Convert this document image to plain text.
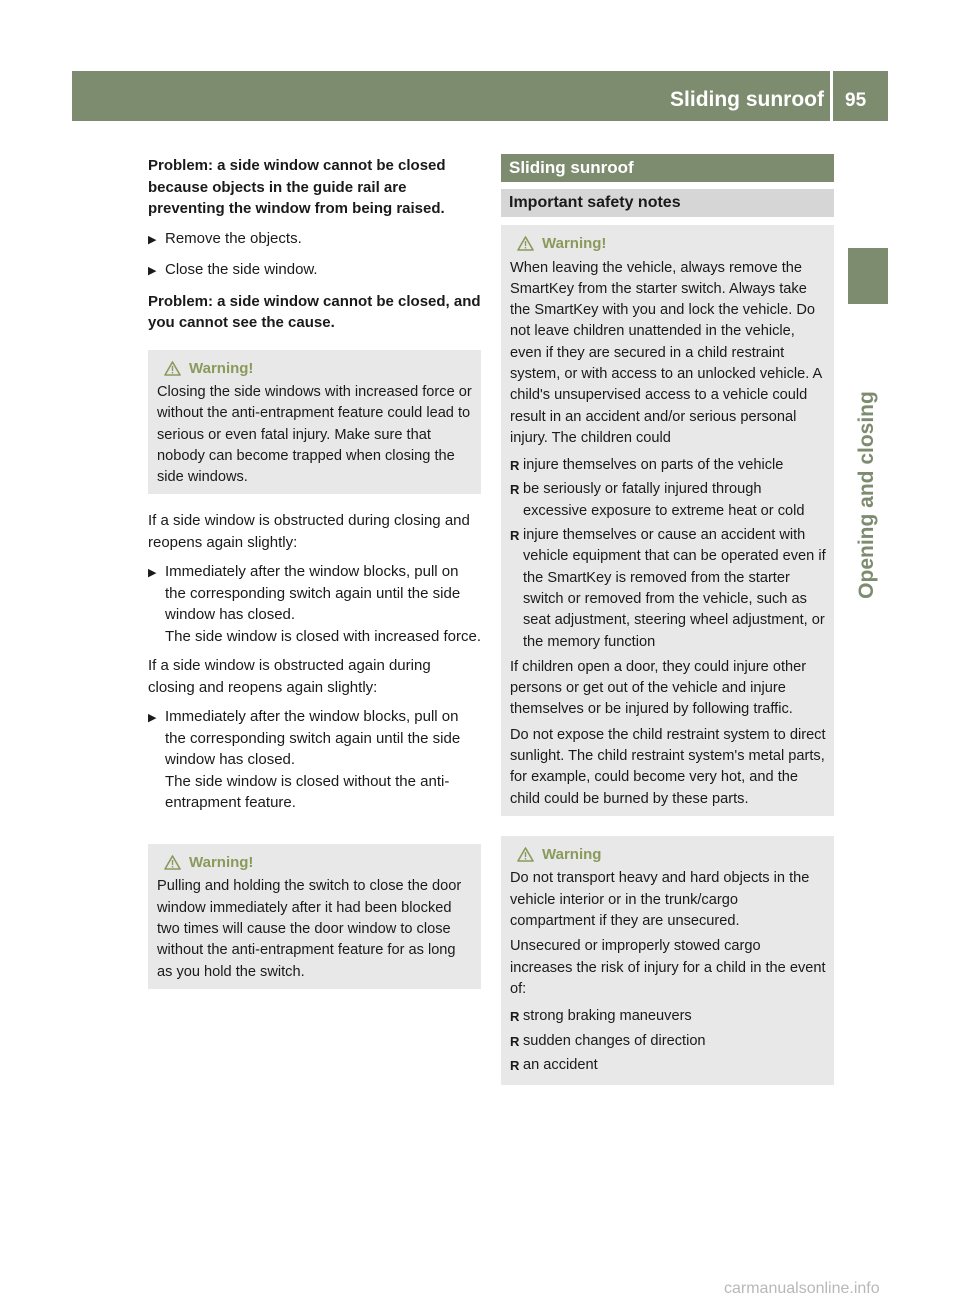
Sliding sunroof 95
Opening and closing
Problem: a side window cannot be closed because objects in the guide rail are preventing the window from being raised.
▶ Remove the objects.
▶ Close the side window.
Problem: a side window cannot be closed, and you cannot see the cause.
Warning!
Closing the side windows with increased force or without the anti-entrapment feature could lead to serious or even fatal injury. Make sure that nobody can become trapped when closing the side windows.
If a side window is obstructed during closing and reopens again slightly:
▶ Immediately after the window blocks, pull on the corresponding switch again until the side window has closed.
The side window is closed with increased force.
If a side window is obstructed again during closing and reopens again slightly:
▶ Immediately after the window blocks, pull on the corresponding switch again until the side window has closed.
The side window is closed without the anti-entrapment feature.
Warning!
Pulling and holding the switch to close the door window immediately after it had been blocked two times will cause the door window to close without the anti-entrapment feature for as long as you hold the switch.
Sliding sunroof
Important safety notes
Warning!
When leaving the vehicle, always remove the SmartKey from the starter switch. Always take the SmartKey with you and lock the vehicle. Do not leave children unattended in the vehicle, even if they are secured in a child restraint system, or with access to an unlocked vehicle. A child's unsupervised access to a vehicle could result in an accident and/or serious personal injury. The children could
R injure themselves on parts of the vehicle
R be seriously or fatally injured through excessive exposure to extreme heat or cold
R injure themselves or cause an accident with vehicle equipment that can be operated even if the SmartKey is removed from the starter switch or removed from the vehicle, such as seat adjustment, steering wheel adjustment, or the memory function
If children open a door, they could injure other persons or get out of the vehicle and injure themselves or be injured by following traffic.
Do not expose the child restraint system to direct sunlight. The child restraint system's metal parts, for example, could become very hot, and the child could be burned by these parts.
Warning
Do not transport heavy and hard objects in the vehicle interior or in the trunk/cargo compartment if they are unsecured.
Unsecured or improperly stowed cargo increases the risk of injury for a child in the event of:
R strong braking maneuvers
R sudden changes of direction
R an accident
carmanualsonline.info
